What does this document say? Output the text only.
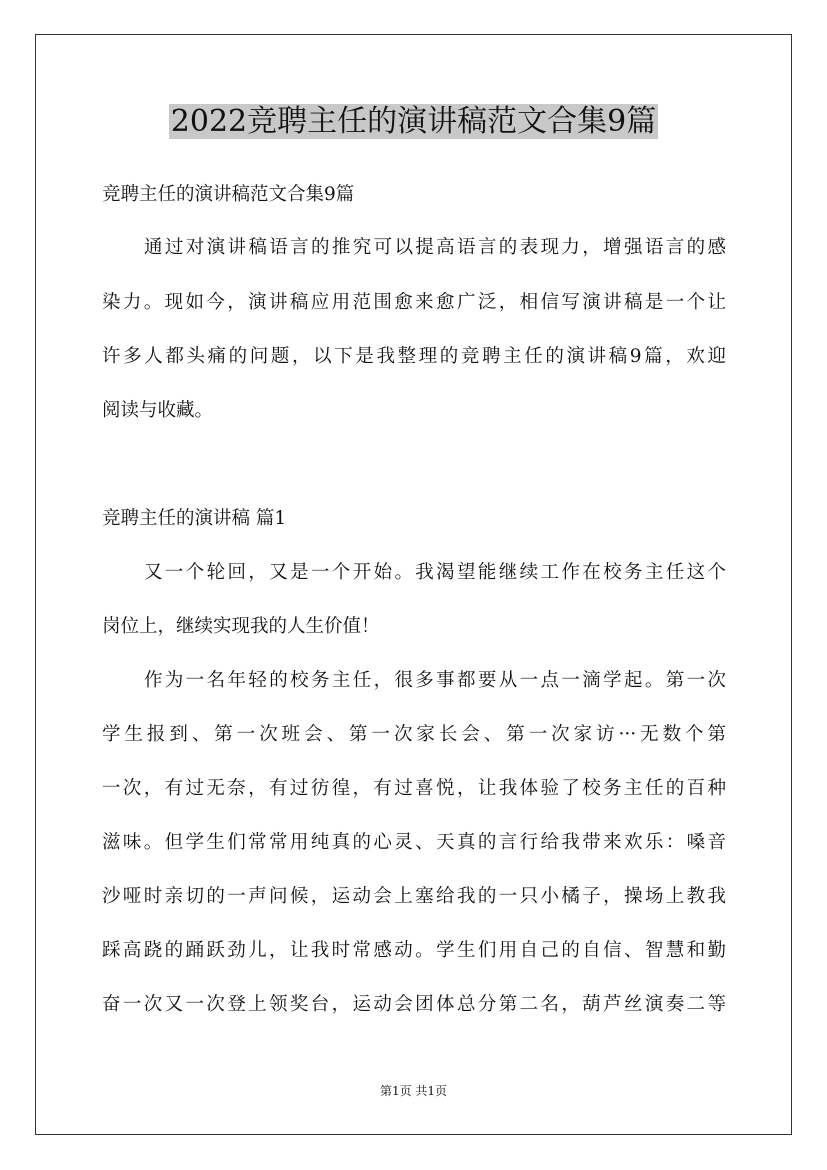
2022竞聘主任的演讲稿范文合集9篇
竞聘主任的演讲稿范文合集9篇
通过对演讲稿语言的推究可以提高语言的表现力，增强语言的感
染力。现如今，演讲稿应用范围愈来愈广泛，相信写演讲稿是一个让
许多人都头痛的问题，以下是我整理的竞聘主任的演讲稿9篇，欢迎
阅读与收藏。
竞聘主任的演讲稿 篇1
又一个轮回，又是一个开始。我渴望能继续工作在校务主任这个
岗位上，继续实现我的人生价值！
作为一名年轻的校务主任，很多事都要从一点一滴学起。第一次
学生报到、第一次班会、第一次家长会、第一次家访···无数个第
一次，有过无奈，有过彷徨，有过喜悦，让我体验了校务主任的百种
滋味。但学生们常常用纯真的心灵、天真的言行给我带来欢乐：嗓音
沙哑时亲切的一声问候，运动会上塞给我的一只小橘子，操场上教我
踩高跷的踊跃劲儿，让我时常感动。学生们用自己的自信、智慧和勤
奋一次又一次登上领奖台，运动会团体总分第二名，葫芦丝演奏二等
第1页 共1页
